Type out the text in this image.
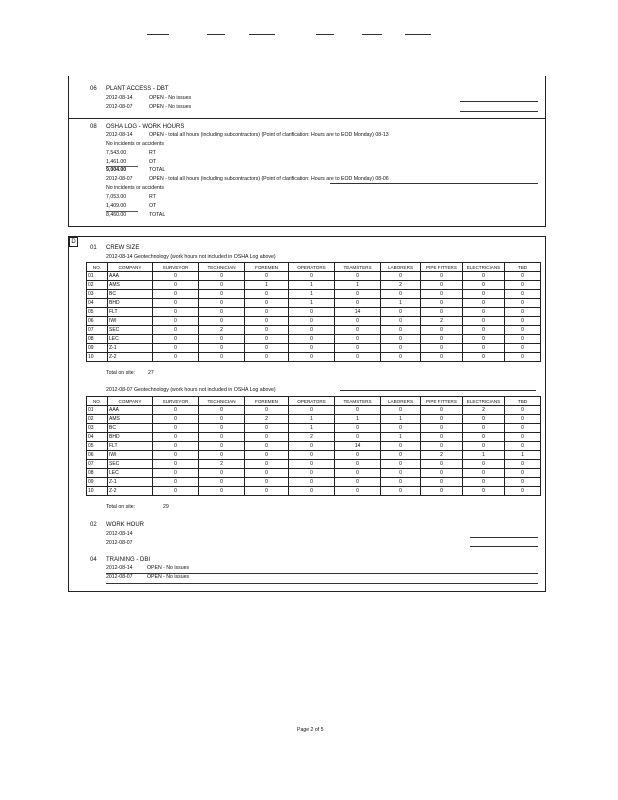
06 PLANT ACCESS - DBT
2012-08-14	OPEN - No issues
2012-08-07	OPEN - No issues
08 OSHA LOG - WORK HOURS
2012-08-14	OPEN - total all hours (including subcontractors) (Point of clarification: Hours are to EOD Monday) 08-13
No incidents or accidents
7,543.00	RT
1,461.00	OT
9,004.00	TOTAL
2012-08-07	OPEN - total all hours (including subcontractors) (Point of clarification: Hours are to EOD Monday) 08-06
No incidents or accidents
7,053.00	RT
1,409.00	OT
8,460.00	TOTAL
D
01 CREW SIZE
2012-08-14 Geotechnology (work hours not included in OSHA Log above)
NO.	COMPANY	SURVEYOR	TECHNICIAN	FOREMEN	OPERATORS	TEAMSTERS	LABORERS	PIPE FITTERS	ELECTRICIANS	TBD
01	AAA	0	0	0	0	0	0	0	0	0
02	AMS	0	0	1	1	1	2	0	0	0
03	BC	0	0	0	1	0	0	0	0	0
04	BHD	0	0	0	1	0	1	0	0	0
05	FLT	0	0	0	0	14	0	0	0	0
06	IWI	0	0	0	0	0	0	2	0	0
07	SEC	0	2	0	0	0	0	0	0	0
08	LEC	0	0	0	0	0	0	0	0	0
09	Z-1	0	0	0	0	0	0	0	0	0
10	Z-2	0	0	0	0	0	0	0	0	0
Total on site: 27
2012-08-07 Geotechnology (work hours not included in OSHA Log above)
NO.	COMPANY	SURVEYOR	TECHNICIAN	FOREMEN	OPERATORS	TEAMSTERS	LABORERS	PIPE FITTERS	ELECTRICIANS	TBD
01	AAA	0	0	0	0	0	0	0	2	0
02	AMS	0	0	2	1	1	1	0	0	0
03	BC	0	0	0	1	0	0	0	0	0
04	BHD	0	0	0	2	0	1	0	0	0
05	FLT	0	0	0	0	14	0	0	0	0
06	IWI	0	0	0	0	0	0	2	1	1
07	SEC	0	2	0	0	0	0	0	0	0
08	LEC	0	0	0	0	0	0	0	0	0
09	Z-1	0	0	0	0	0	0	0	0	0
10	Z-2	0	0	0	0	0	0	0	0	0
Total on site:	29
02 WORK HOUR
2012-08-14
2012-08-07
04 TRAINING - DBI
2012-08-14	OPEN - No issues
2012-08-07	OPEN - No issues
Page 2 of 5
